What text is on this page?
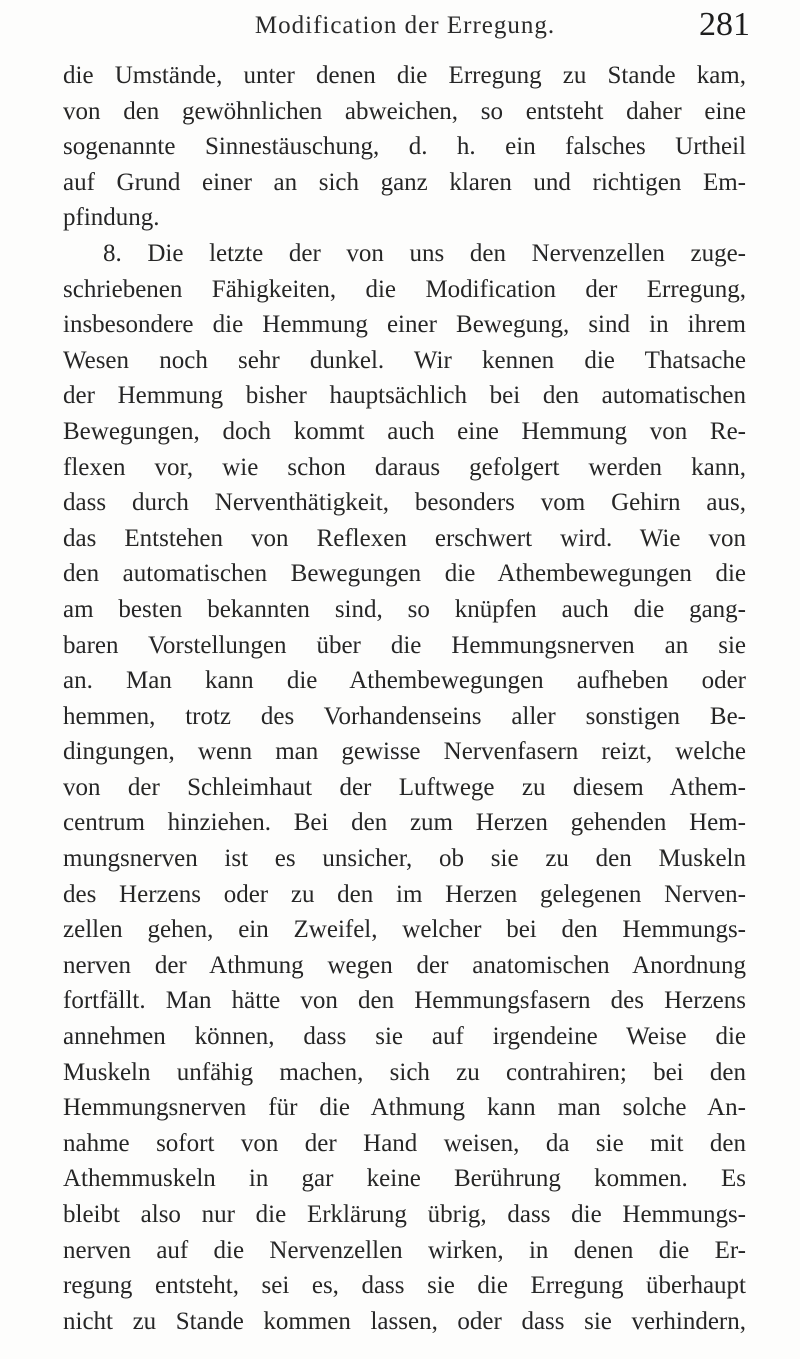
Modification der Erregung.	281
die Umstände, unter denen die Erregung zu Stande kam,
von den gewöhnlichen abweichen, so entsteht daher eine
sogenannte Sinnestäuschung, d. h. ein falsches Urtheil
auf Grund einer an sich ganz klaren und richtigen Em-
pfindung.
8. Die letzte der von uns den Nervenzellen zuge-
schriebenen Fähigkeiten, die Modification der Erregung,
insbesondere die Hemmung einer Bewegung, sind in ihrem
Wesen noch sehr dunkel. Wir kennen die Thatsache
der Hemmung bisher hauptsächlich bei den automatischen
Bewegungen, doch kommt auch eine Hemmung von Re-
flexen vor, wie schon daraus gefolgert werden kann,
dass durch Nerventhätigkeit, besonders vom Gehirn aus,
das Entstehen von Reflexen erschwert wird. Wie von
den automatischen Bewegungen die Athembewegungen die
am besten bekannten sind, so knüpfen auch die gang-
baren Vorstellungen über die Hemmungsnerven an sie
an. Man kann die Athembewegungen aufheben oder
hemmen, trotz des Vorhandenseins aller sonstigen Be-
dingungen, wenn man gewisse Nervenfasern reizt, welche
von der Schleimhaut der Luftwege zu diesem Athem-
centrum hinziehen. Bei den zum Herzen gehenden Hem-
mungsnerven ist es unsicher, ob sie zu den Muskeln
des Herzens oder zu den im Herzen gelegenen Nerven-
zellen gehen, ein Zweifel, welcher bei den Hemmungs-
nerven der Athmung wegen der anatomischen Anordnung
fortfällt. Man hätte von den Hemmungsfasern des Herzens
annehmen können, dass sie auf irgendeine Weise die
Muskeln unfähig machen, sich zu contrahiren; bei den
Hemmungsnerven für die Athmung kann man solche An-
nahme sofort von der Hand weisen, da sie mit den
Athemmuskeln in gar keine Berührung kommen. Es
bleibt also nur die Erklärung übrig, dass die Hemmungs-
nerven auf die Nervenzellen wirken, in denen die Er-
regung entsteht, sei es, dass sie die Erregung überhaupt
nicht zu Stande kommen lassen, oder dass sie verhindern,
